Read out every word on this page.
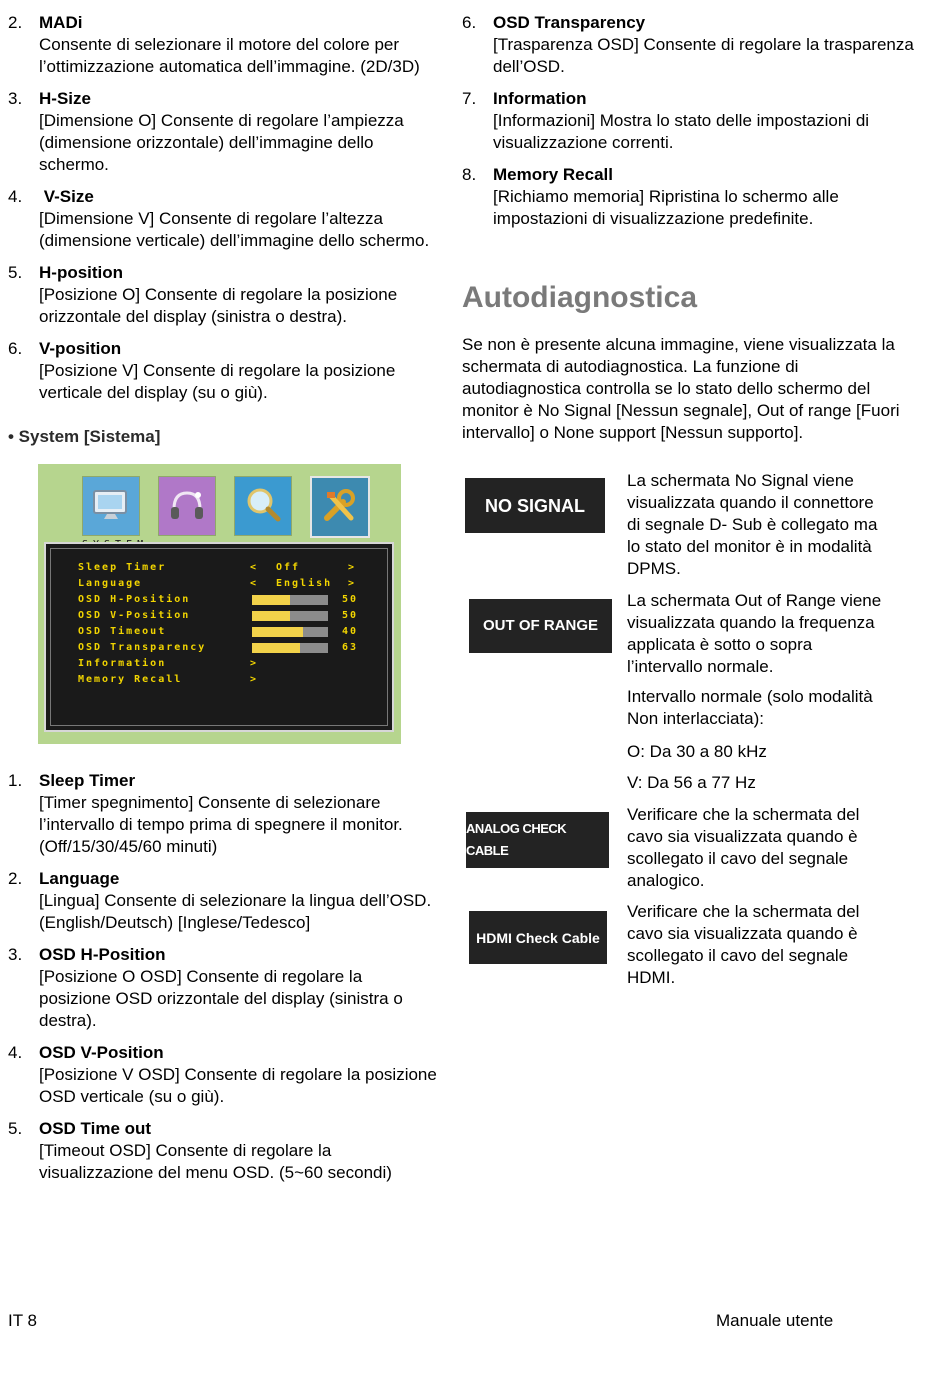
2. MADi
Consente di selezionare il motore del colore per l’ottimizzazione automatica dell’immagine. (2D/3D)
3. H-Size
[Dimensione O] Consente di regolare l’ampiezza (dimensione orizzontale) dell’immagine dello schermo.
4. V-Size
[Dimensione V] Consente di regolare l’altezza (dimensione verticale) dell’immagine dello schermo.
5. H-position
[Posizione O] Consente di regolare la posizione orizzontale del display (sinistra o destra).
6. V-position
[Posizione V] Consente di regolare la posizione verticale del display (su o giù).
• System [Sistema]
Sleep Timer	< Off	>
Language	< English >
OSD H-Position	50
OSD V-Position	50
OSD Timeout	40
OSD Transparency	63
Information	>
Memory Recall	>
1. Sleep Timer
[Timer spegnimento] Consente di selezionare l’intervallo di tempo prima di spegnere il monitor. (Off/15/30/45/60 minuti)
2. Language
[Lingua] Consente di selezionare la lingua dell’OSD. (English/Deutsch) [Inglese/Tedesco]
3. OSD H-Position
[Posizione O OSD] Consente di regolare la posizione OSD orizzontale del display (sinistra o destra).
4. OSD V-Position
[Posizione V OSD] Consente di regolare la posizione OSD verticale (su o giù).
5. OSD Time out
[Timeout OSD] Consente di regolare la visualizzazione del menu OSD. (5~60 secondi)
6. OSD Transparency
[Trasparenza OSD] Consente di regolare la trasparenza dell’OSD.
7. Information
[Informazioni] Mostra lo stato delle impostazioni di visualizzazione correnti.
8. Memory Recall
[Richiamo memoria] Ripristina lo schermo alle impostazioni di visualizzazione predefinite.
Autodiagnostica

Se non è presente alcuna immagine, viene visualizzata la schermata di autodiagnostica. La funzione di autodiagnostica controlla se lo stato dello schermo del monitor è No Signal [Nessun segnale], Out of range [Fuori intervallo] o None support [Nessun supporto].

NO SIGNAL
La schermata No Signal viene visualizzata quando il connettore di segnale D- Sub è collegato ma lo stato del monitor è in modalità DPMS.
OUT OF RANGE
La schermata Out of Range viene visualizzata quando la frequenza applicata è sotto o sopra l’intervallo normale.
Intervallo normale (solo modalità Non interlacciata):
O: Da 30 a 80 kHz
V: Da 56 a 77 Hz
ANALOG CHECK CABLE
Verificare che la schermata del cavo sia visualizzata quando è scollegato il cavo del segnale analogico.
HDMI Check Cable
Verificare che la schermata del cavo sia visualizzata quando è scollegato il cavo del segnale HDMI.
IT 8	Manuale utente
